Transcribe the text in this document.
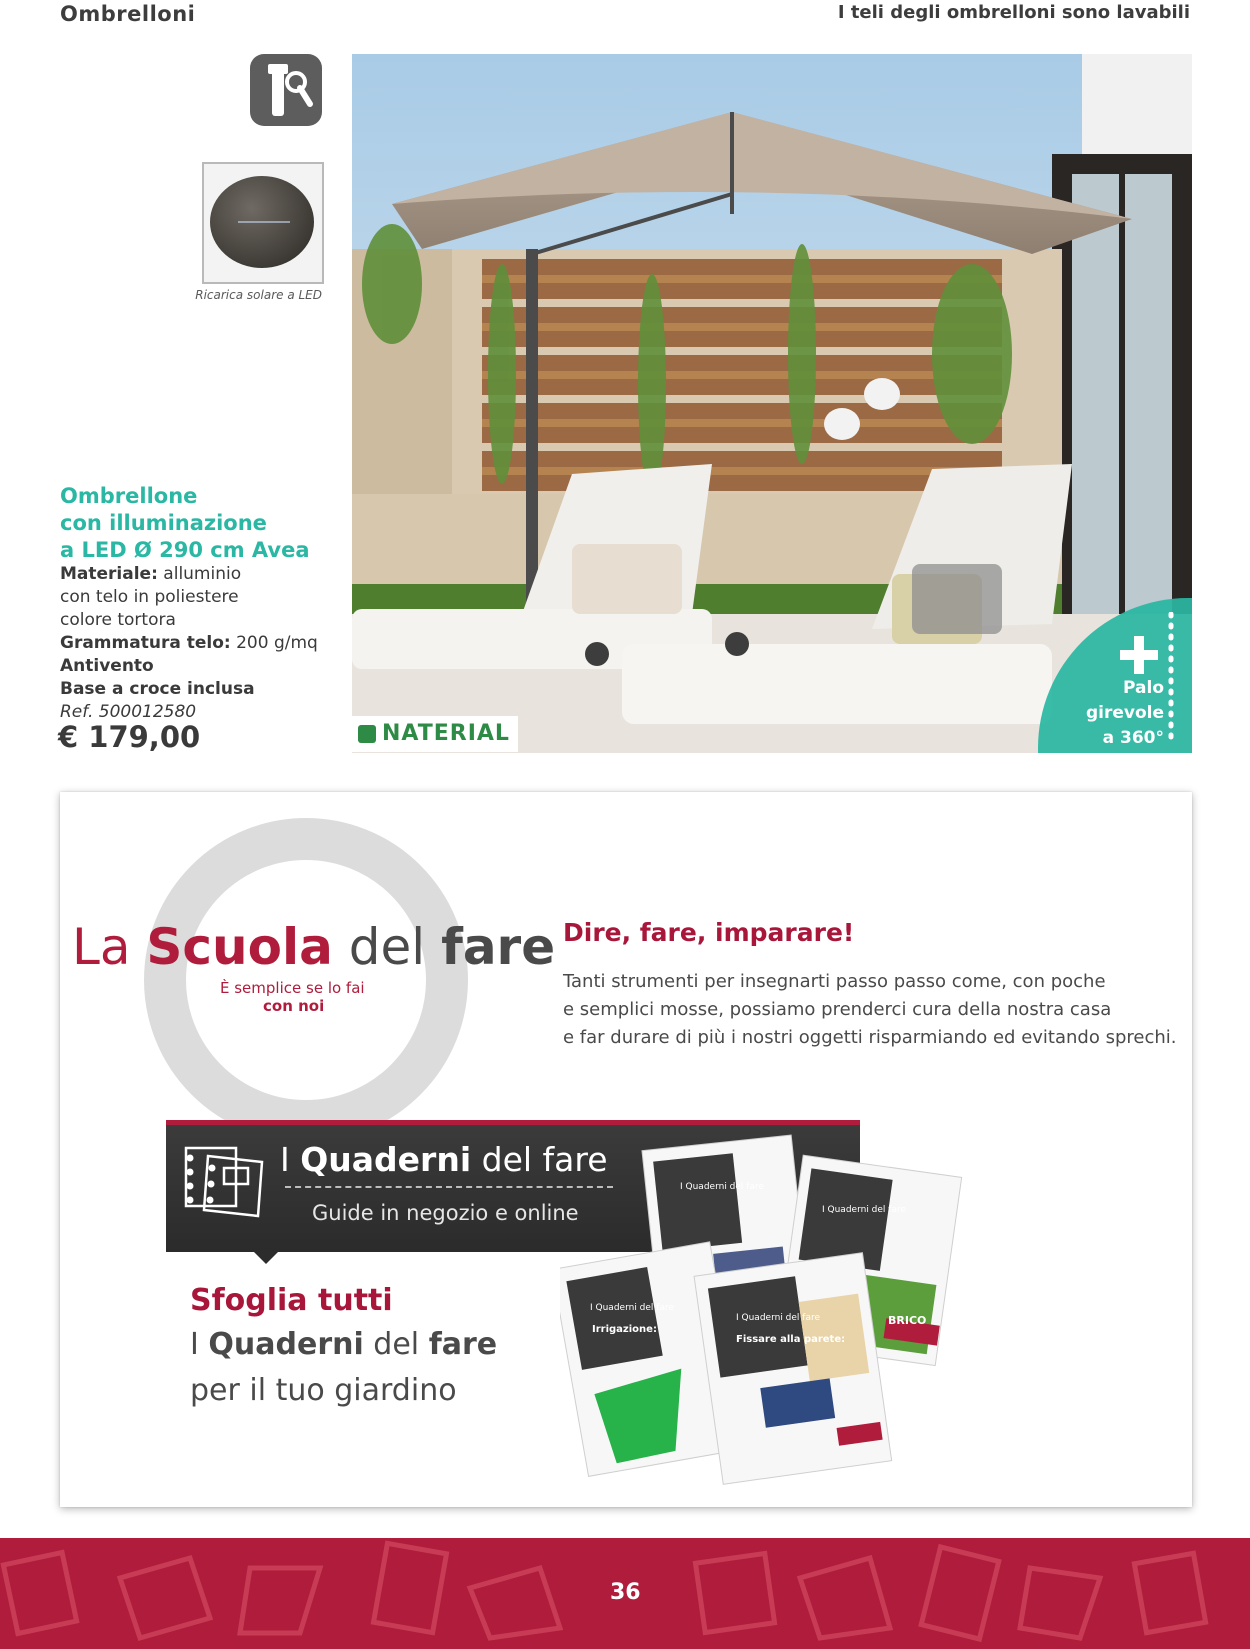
Ombrelloni	I teli degli ombrelloni sono lavabili
Ricarica solare a LED
Ombrellone
con illuminazione
a LED Ø 290 cm Avea
Materiale: alluminio
con telo in poliestere
colore tortora
Grammatura telo: 200 g/mq
Antivento
Base a croce inclusa
Ref. 500012580
€ 179,00	NATERIAL
Palo
girevole
a 360°
La Scuola del fare
È semplice se lo fai
con noi
Dire, fare, imparare!
Tanti strumenti per insegnarti passo passo come, con poche
e semplici mosse, possiamo prenderci cura della nostra casa
e far durare di più i nostri oggetti risparmiando ed evitando sprechi.
I Quaderni del fare
Guide in negozio e online
Sfoglia tutti
I Quaderni del fare
per il tuo giardino
I Quaderni del fare
I Quaderni del fare
I Quaderni del fare
Irrigazione:
I Quaderni del fare
Fissare alla parete:
BRICO
36
